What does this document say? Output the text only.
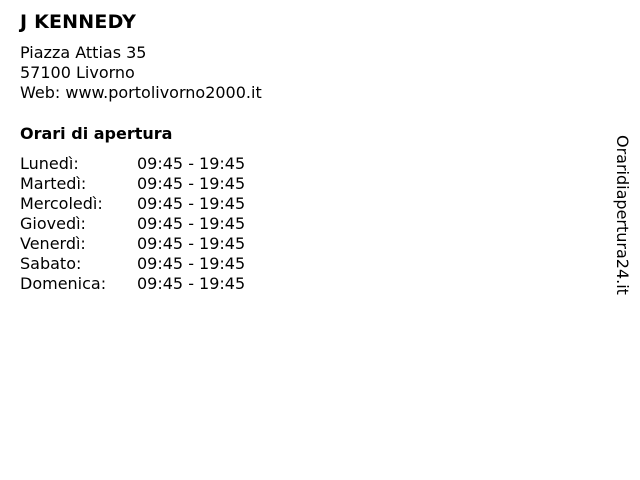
J KENNEDY
Piazza Attias 35
57100 Livorno
Web: www.portolivorno2000.it
Orari di apertura
Lunedì:	09:45 - 19:45
Martedì:	09:45 - 19:45
Mercoledì:	09:45 - 19:45
Giovedì:	09:45 - 19:45
Venerdì:	09:45 - 19:45
Sabato:	09:45 - 19:45
Domenica:	09:45 - 19:45	Oraridiapertura24.it
